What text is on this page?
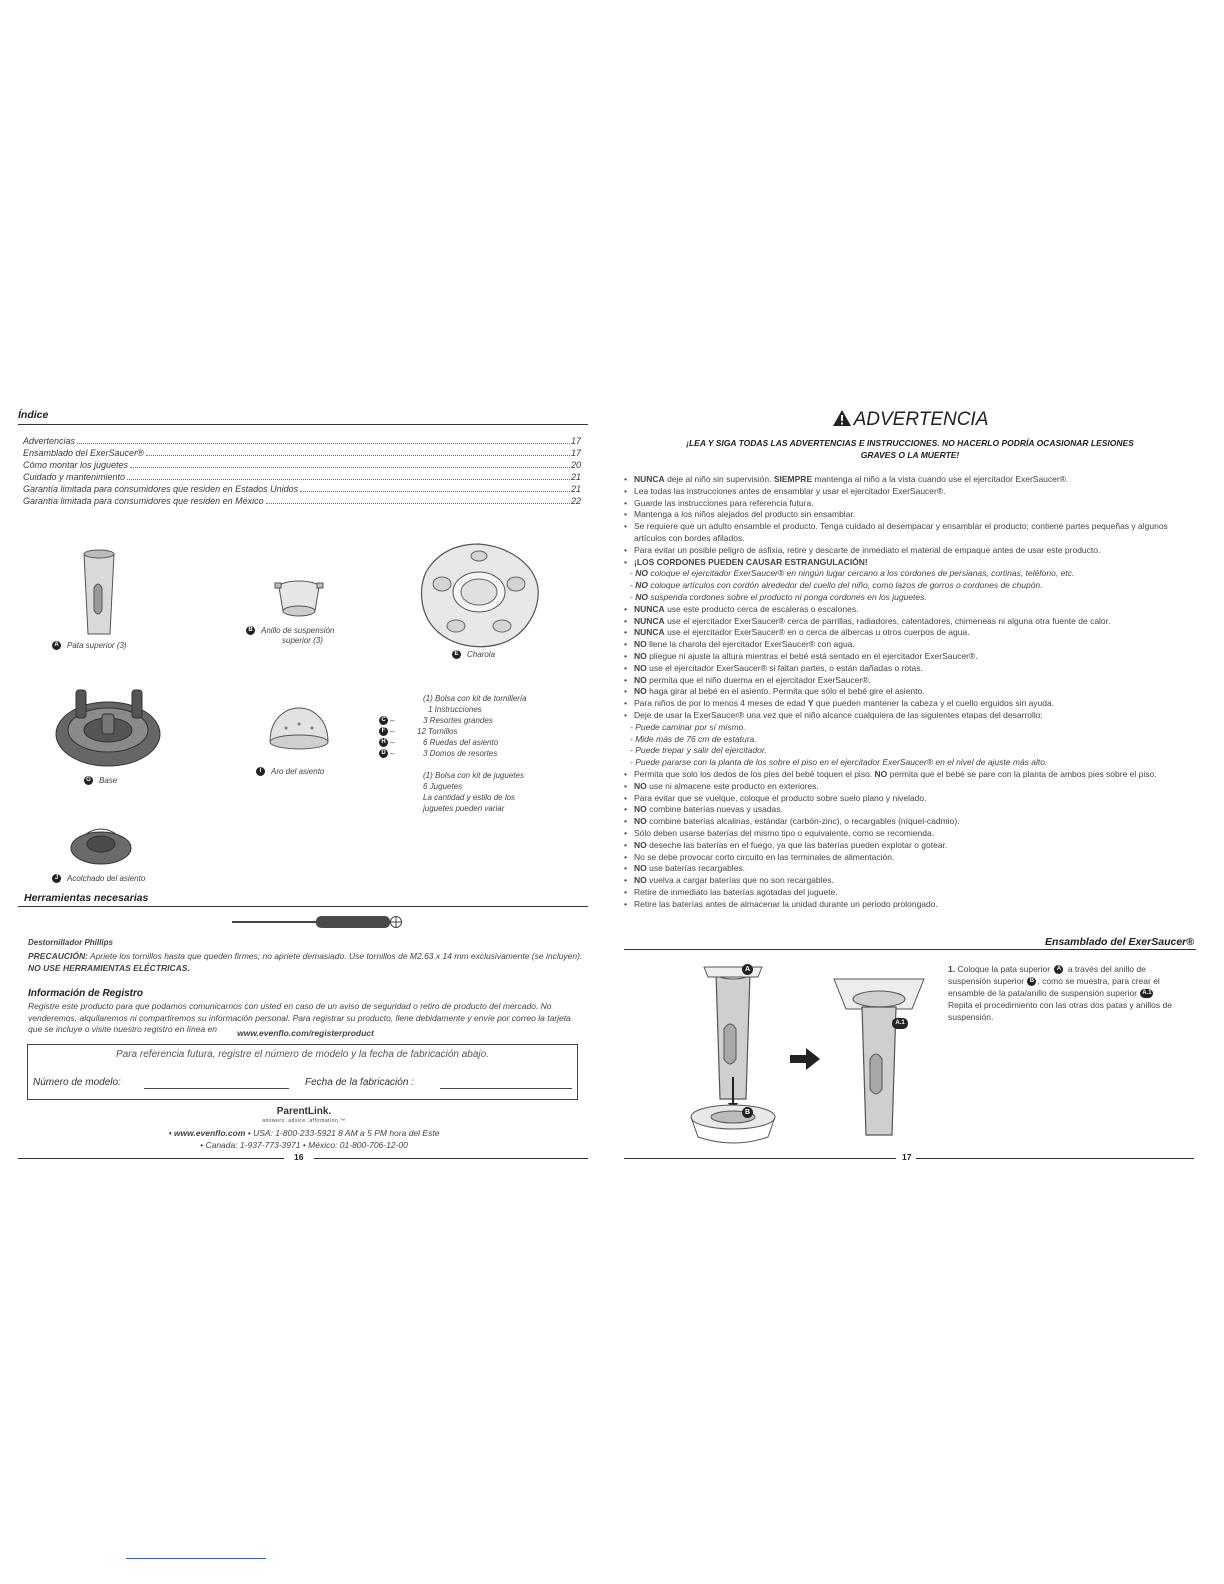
Índice
Advertencias	17
Ensamblado del ExerSaucer®	17
Cómo montar los juguetes	20
Cuidado y mantenimiento	21
Garantía limitada para consumidores que residen en Estados Unidos	21
Garantía limitada para consumidores que residen en México	22
A Pata superior (3)
B Anillo de suspensión
superior (3)
E Charola
G Base
I Aro del asiento
(1) Bolsa con kit de tornillería
1 Instrucciones
C –	3 Resortes grandes
F –	12 Tornillos
H –	6 Ruedas del asiento
D –	3 Domos de resortes
(1) Bolsa con kit de juguetes
6 Juguetes
La cantidad y estilo de los
juguetes pueden variar
J Acolchado del asiento
Herramientas necesarias
Destornillador Phillips
PRECAUCIÓN: Apriete los tornillos hasta que queden firmes; no apriete demasiado. Use tornillos de M2.63 x 14 mm exclusivamente (se incluyen). NO USE HERRAMIENTAS ELÉCTRICAS.
Información de Registro
Registre este producto para que podamos comunicarnos con usted en caso de un aviso de seguridad o retiro de producto del mercado. No venderemos, alquilaremos ni compartiremos su información personal. Para registrar su producto, llene debidamente y envíe por correo la tarjeta que se incluye o visite nuestro registro en línea en	www.evenflo.com/registerproduct
Para referencia futura, registre el número de modelo y la fecha de fabricación abajo.
Número de modelo:	Fecha de la fabricación :
ParentLink.
answers. advice. affirmation.™
• www.evenflo.com • USA: 1-800-233-5921 8 AM a 5 PM hora del Este
• Canada: 1-937-773-3971 • México: 01-800-706-12-00
16
ADVERTENCIA
¡LEA Y SIGA TODAS LAS ADVERTENCIAS E INSTRUCCIONES. NO HACERLO PODRÍA OCASIONAR LESIONES
GRAVES O LA MUERTE!
• NUNCA deje al niño sin supervisión. SIEMPRE mantenga al niño a la vista cuando use el ejercitador ExerSaucer®.
• Lea todas las instrucciones antes de ensamblar y usar el ejercitador ExerSaucer®.
• Guarde las instrucciones para referencia futura.
• Mantenga a los niños alejados del producto sin ensamblar.
• Se requiere que un adulto ensamble el producto. Tenga cuidado al desempacar y ensamblar el producto; contiene partes pequeñas y algunos artículos con bordes afilados.
• Para evitar un posible peligro de asfixia, retire y descarte de inmediato el material de empaque antes de usar este producto.
• ¡LOS CORDONES PUEDEN CAUSAR ESTRANGULACIÓN!
- NO coloque el ejercitador ExerSaucer® en ningún lugar cercano a los cordones de persianas, cortinas, teléfono, etc.
- NO coloque artículos con cordón alrededor del cuello del niño, como lazos de gorros o cordones de chupón.
- NO suspenda cordones sobre el producto ni ponga cordones en los juguetes.
• NUNCA use este producto cerca de escaleras o escalones.
• NUNCA use el ejercitador ExerSaucer® cerca de parrillas, radiadores, calentadores, chimeneas ni alguna otra fuente de calor.
• NUNCA use el ejercitador ExerSaucer® en o cerca de albercas u otros cuerpos de agua.
• NO llene la charola del ejercitador ExerSaucer® con agua.
• NO pliegue ni ajuste la altura mientras el bebé está sentado en el ejercitador ExerSaucer®.
• NO use el ejercitador ExerSaucer® si faltan partes, o están dañadas o rotas.
• NO permita que el niño duerma en el ejercitador ExerSaucer®.
• NO haga girar al bebé en el asiento. Permita que sólo el bebé gire el asiento.
• Para niños de por lo menos 4 meses de edad Y que pueden mantener la cabeza y el cuello erguidos sin ayuda.
• Deje de usar la ExerSaucer® una vez que el niño alcance cualquiera de las siguientes etapas del desarrollo:
- Puede caminar por sí mismo.
- Mide más de 76 cm de estatura.
- Puede trepar y salir del ejercitador.
- Puede pararse con la planta de los sobre el piso en el ejercitador ExerSaucer® en el nivel de ajuste más alto.
• Permita que solo los dedos de los pies del bebé toquen el piso. NO permita que el bebé se pare con la planta de ambos pies sobre el piso.
• NO use ni almacene este producto en exteriores.
• Para evitar que se vuelque, coloque el producto sobre suelo plano y nivelado.
• NO combine baterías nuevas y usadas.
• NO combine baterías alcalinas, estándar (carbón-zinc), o recargables (níquel-cadmio).
• Sólo deben usarse baterías del mismo tipo o equivalente, como se recomienda.
• NO deseche las baterías en el fuego, ya que las baterías pueden explotar o gotear.
• No se debe provocar corto circuito en las terminales de alimentación.
• NO use baterías recargables.
• NO vuelva a cargar baterías que no son recargables.
• Retire de inmediato las baterías agotadas del juguete.
• Retire las baterías antes de almacenar la unidad durante un periodo prolongado.
Ensamblado del ExerSaucer®
A
B
A.1
1. Coloque la pata superior A a través del anillo de suspensión superior B , como se muestra, para crear el ensamble de la pata/anillo de suspensión superior A.1
Repita el procedimiento con las otras dos patas y anillos de suspensión.
17
